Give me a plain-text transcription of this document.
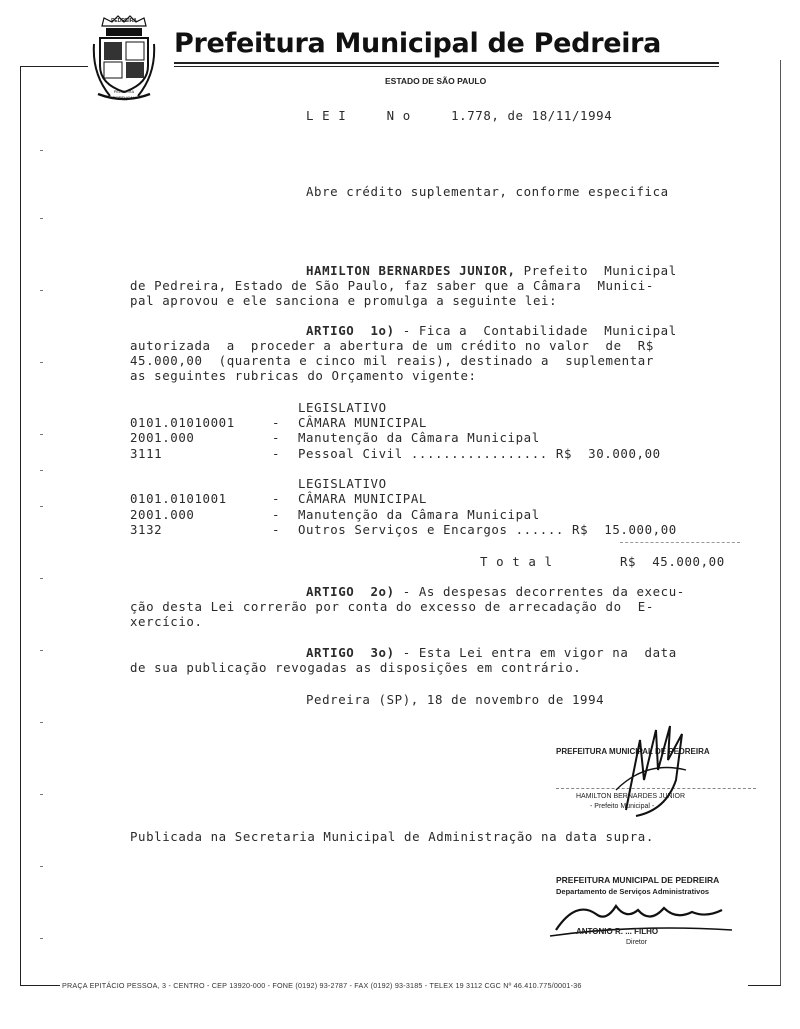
PEDREIRA
PEDREIRA
PORTUGAL
Prefeitura Municipal de Pedreira
ESTADO DE SÃO PAULO
L E I     N o     1.778, de 18/11/1994
Abre crédito suplementar, conforme especifica
HAMILTON BERNARDES JUNIOR, Prefeito  Municipal
de Pedreira, Estado de São Paulo, faz saber que a Câmara  Munici-
pal aprovou e ele sanciona e promulga a seguinte lei:
ARTIGO  1o) - Fica a  Contabilidade  Municipal
autorizada  a  proceder a abertura de um crédito no valor  de  R$
45.000,00  (quarenta e cinco mil reais), destinado a  suplementar
as seguintes rubricas do Orçamento vigente:
LEGISLATIVO
0101.01010001	- CÂMARA MUNICIPAL
2001.000	- Manutenção da Câmara Municipal
3111	- Pessoal Civil ................. R$  30.000,00
LEGISLATIVO
0101.0101001	- CÂMARA MUNICIPAL
2001.000	- Manutenção da Câmara Municipal
3132	- Outros Serviços e Encargos ...... R$  15.000,00
T o t a l	R$  45.000,00
ARTIGO  2o) - As despesas decorrentes da execu-
ção desta Lei correrão por conta do excesso de arrecadação do  E-
xercício.
ARTIGO  3o) - Esta Lei entra em vigor na  data
de sua publicação revogadas as disposições em contrário.
Pedreira (SP), 18 de novembro de 1994
PREFEITURA MUNICIPAL DE PEDREIRA
HAMILTON BERNARDES JUNIOR
- Prefeito Municipal -
Publicada na Secretaria Municipal de Administração na data supra.
PREFEITURA MUNICIPAL DE PEDREIRA
Departamento de Serviços Administrativos
ANTONIO R. ... FILHO
Diretor
PRAÇA EPITÁCIO PESSOA, 3 - CENTRO - CEP 13920-000 - FONE (0192) 93-2787 - FAX (0192) 93-3185 - TELEX 19 3112 CGC Nº 46.410.775/0001-36
